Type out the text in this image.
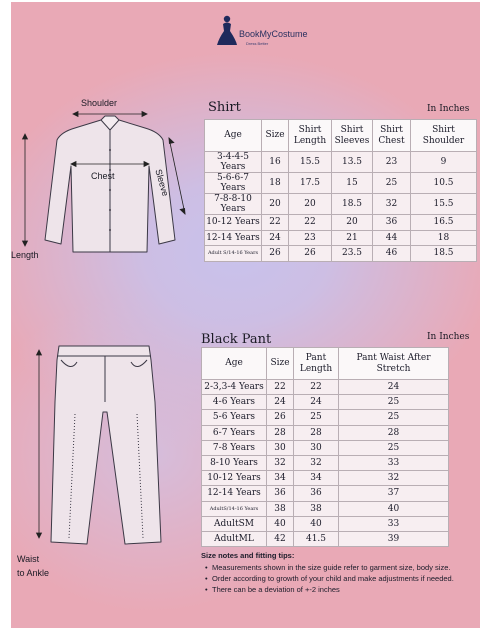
BookMyCostume
Dress Better
Shirt	In Inches
Age	Size	Shirt Length	Shirt Sleeves	Shirt Chest	Shirt Shoulder
3-4-4-5 Years	16	15.5	13.5	23	9
5-6-6-7 Years	18	17.5	15	25	10.5
7-8-8-10 Years	20	20	18.5	32	15.5
10-12 Years	22	22	20	36	16.5
12-14 Years	24	23	21	44	18
Adult S/14-16 Years	26	26	23.5	46	18.5
Shoulder
Chest	Sleeve
Length
Black Pant	In Inches
Age	Size	Pant Length	Pant Waist After Stretch
2-3,3-4 Years	22	22	24
4-6 Years	24	24	25
5-6 Years	26	25	25
6-7 Years	28	28	28
7-8 Years	30	30	25
8-10 Years	32	32	33
10-12 Years	34	34	32
12-14 Years	36	36	37
AdultS/14-16 Years	38	38	40
AdultSM	40	40	33
AdultML	42	41.5	39
Waist
to Ankle
Size notes and fitting tips:
• Measurements shown in the size guide refer to garment size, body size.
• Order according to growth of your child and make adjustments if needed.
• There can be a deviation of +-2 inches
